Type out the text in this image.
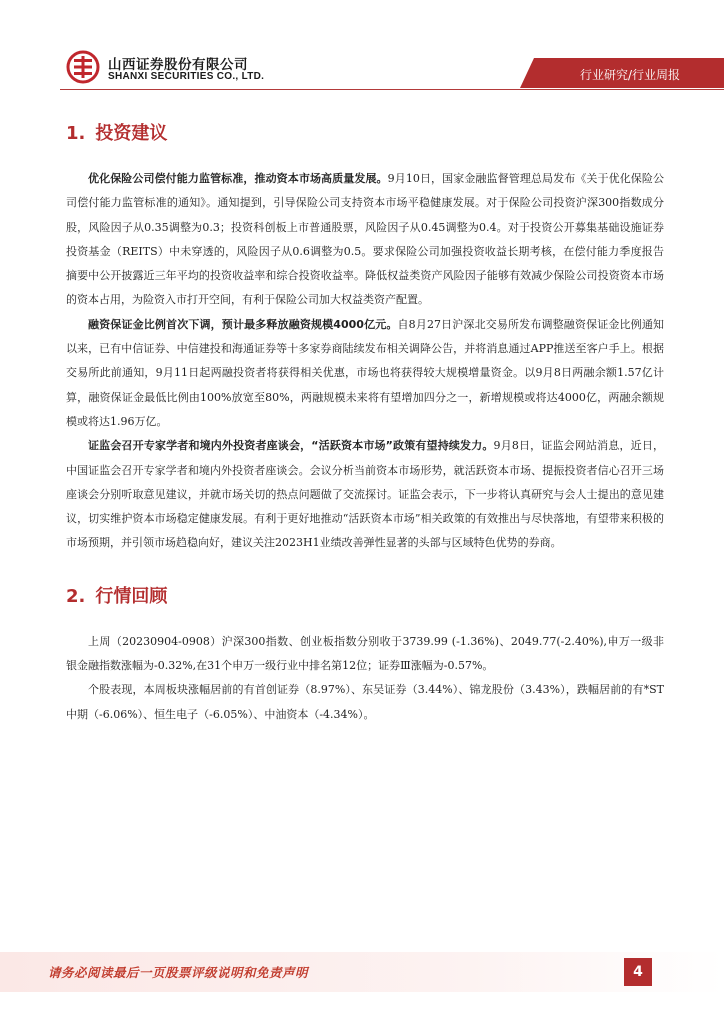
山西证券股份有限公司
SHANXI SECURITIES CO., LTD.	行业研究/行业周报
1. 投资建议

优化保险公司偿付能力监管标准，推动资本市场高质量发展。9月10日，国家金融监督管理总局发布《关于优化保险公司偿付能力监管标准的通知》。通知提到，引导保险公司支持资本市场平稳健康发展。对于保险公司投资沪深300指数成分股，风险因子从0.35调整为0.3；投资科创板上市普通股票，风险因子从0.45调整为0.4。对于投资公开募集基础设施证券投资基金（REITS）中未穿透的，风险因子从0.6调整为0.5。要求保险公司加强投资收益长期考核，在偿付能力季度报告摘要中公开披露近三年平均的投资收益率和综合投资收益率。降低权益类资产风险因子能够有效减少保险公司投资资本市场的资本占用，为险资入市打开空间，有利于保险公司加大权益类资产配置。

融资保证金比例首次下调，预计最多释放融资规模4000亿元。自8月27日沪深北交易所发布调整融资保证金比例通知以来，已有中信证券、中信建投和海通证券等十多家券商陆续发布相关调降公告，并将消息通过APP推送至客户手上。根据交易所此前通知，9月11日起两融投资者将获得相关优惠，市场也将获得较大规模增量资金。以9月8日两融余额1.57亿计算，融资保证金最低比例由100%放宽至80%，两融规模未来将有望增加四分之一，新增规模或将达4000亿，两融余额规模或将达1.96万亿。

证监会召开专家学者和境内外投资者座谈会，“活跃资本市场”政策有望持续发力。9月8日，证监会网站消息，近日，中国证监会召开专家学者和境内外投资者座谈会。会议分析当前资本市场形势，就活跃资本市场、提振投资者信心召开三场座谈会分别听取意见建议，并就市场关切的热点问题做了交流探讨。证监会表示，下一步将认真研究与会人士提出的意见建议，切实维护资本市场稳定健康发展。有利于更好地推动“活跃资本市场”相关政策的有效推出与尽快落地，有望带来积极的市场预期，并引领市场趋稳向好，建议关注2023H1业绩改善弹性显著的头部与区域特色优势的券商。

2. 行情回顾

上周（20230904-0908）沪深300指数、创业板指数分别收于3739.99 (-1.36%)、2049.77(-2.40%),申万一级非银金融指数涨幅为-0.32%,在31个申万一级行业中排名第12位；证券Ⅲ涨幅为-0.57%。

个股表现，本周板块涨幅居前的有首创证券（8.97%）、东吴证券（3.44%）、锦龙股份（3.43%），跌幅居前的有*ST中期（-6.06%）、恒生电子（-6.05%）、中油资本（-4.34%）。

请务必阅读最后一页股票评级说明和免责声明	4
